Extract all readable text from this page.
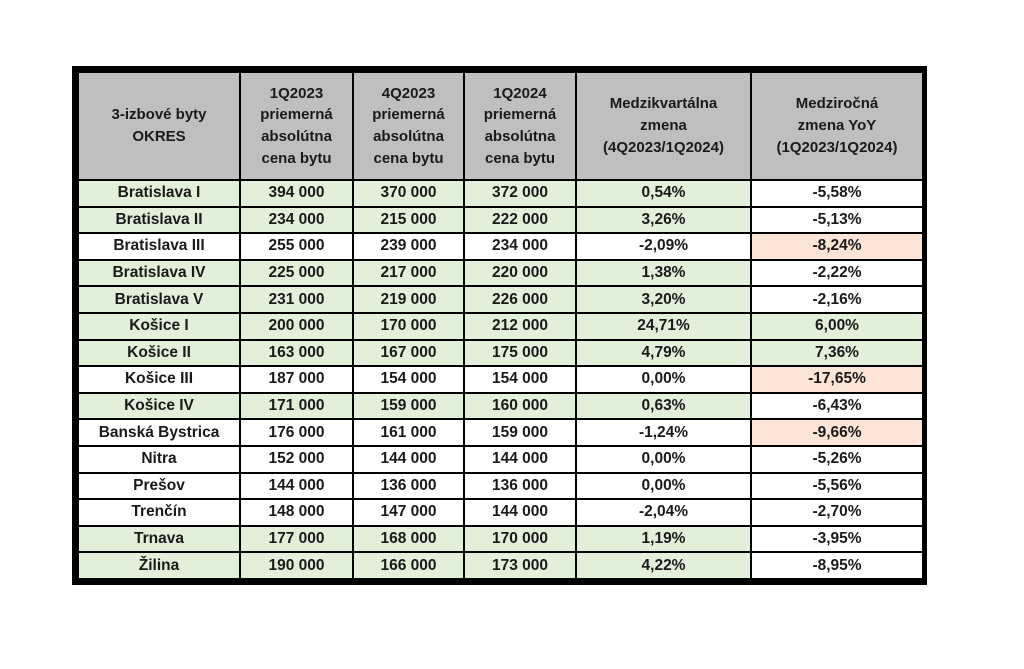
3-izbové byty
OKRES	1Q2023
priemerná
absolútna
cena bytu	4Q2023
priemerná
absolútna
cena bytu	1Q2024
priemerná
absolútna
cena bytu	Medzikvartálna
zmena
(4Q2023/1Q2024)	Medziročná
zmena YoY
(1Q2023/1Q2024)

Bratislava I	394 000	370 000	372 000	0,54%	-5,58%
Bratislava II	234 000	215 000	222 000	3,26%	-5,13%
Bratislava III	255 000	239 000	234 000	-2,09%	-8,24%
Bratislava IV	225 000	217 000	220 000	1,38%	-2,22%
Bratislava V	231 000	219 000	226 000	3,20%	-2,16%
Košice I	200 000	170 000	212 000	24,71%	6,00%
Košice II	163 000	167 000	175 000	4,79%	7,36%
Košice III	187 000	154 000	154 000	0,00%	-17,65%
Košice IV	171 000	159 000	160 000	0,63%	-6,43%
Banská Bystrica	176 000	161 000	159 000	-1,24%	-9,66%
Nitra	152 000	144 000	144 000	0,00%	-5,26%
Prešov	144 000	136 000	136 000	0,00%	-5,56%
Trenčín	148 000	147 000	144 000	-2,04%	-2,70%
Trnava	177 000	168 000	170 000	1,19%	-3,95%
Žilina	190 000	166 000	173 000	4,22%	-8,95%
